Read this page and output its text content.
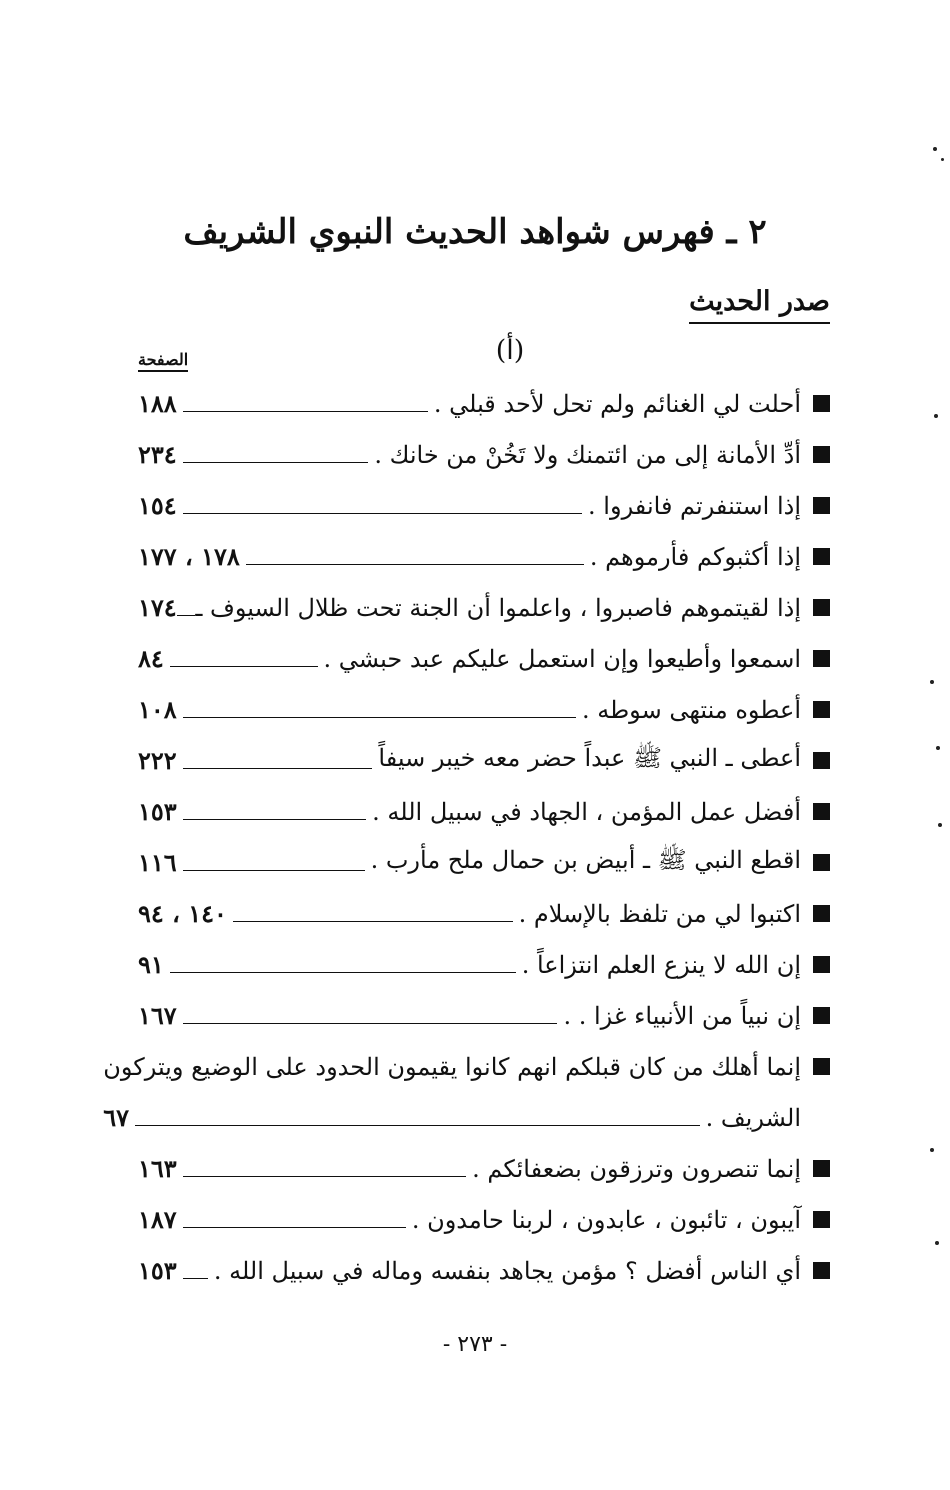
٢ ـ فهرس شواهد الحديث النبوي الشريف
صدر الحديث
(أ)
الصفحة
أحلت لي الغنائم ولم تحل لأحد قبلي .
١٨٨
أدِّ الأمانة إلى من ائتمنك ولا تَخُنْ من خانك .
٢٣٤
إذا استنفرتم فانفروا .
١٥٤
إذا أكثبوكم فأرموهم .
١٧٨ ، ١٧٧
إذا لقيتموهم فاصبروا ، واعلموا أن الجنة تحت ظلال السيوف ـ
١٧٤
اسمعوا وأطيعوا وإن استعمل عليكم عبد حبشي .
٨٤
أعطوه منتهى سوطه .
١٠٨
أعطى ـ النبي ﷺ عبداً حضر معه خيبر سيفاً
٢٢٢
أفضل عمل المؤمن ، الجهاد في سبيل الله .
١٥٣
اقطع النبي ﷺ ـ أبيض بن حمال ملح مأرب .
١١٦
اكتبوا لي من تلفظ بالإسلام .
١٤٠ ، ٩٤
إن الله لا ينزع العلم انتزاعاً .
٩١
إن نبياً من الأنبياء غزا . .
١٦٧
إنما أهلك من كان قبلكم انهم كانوا يقيمون الحدود على الوضيع ويتركون
الشريف .
٦٧
إنما تنصرون وترزقون بضعفائكم .
١٦٣
آيبون ، تائبون ، عابدون ، لربنا حامدون .
١٨٧
أي الناس أفضل ؟ مؤمن يجاهد بنفسه وماله في سبيل الله .
١٥٣
- ٢٧٣ -
